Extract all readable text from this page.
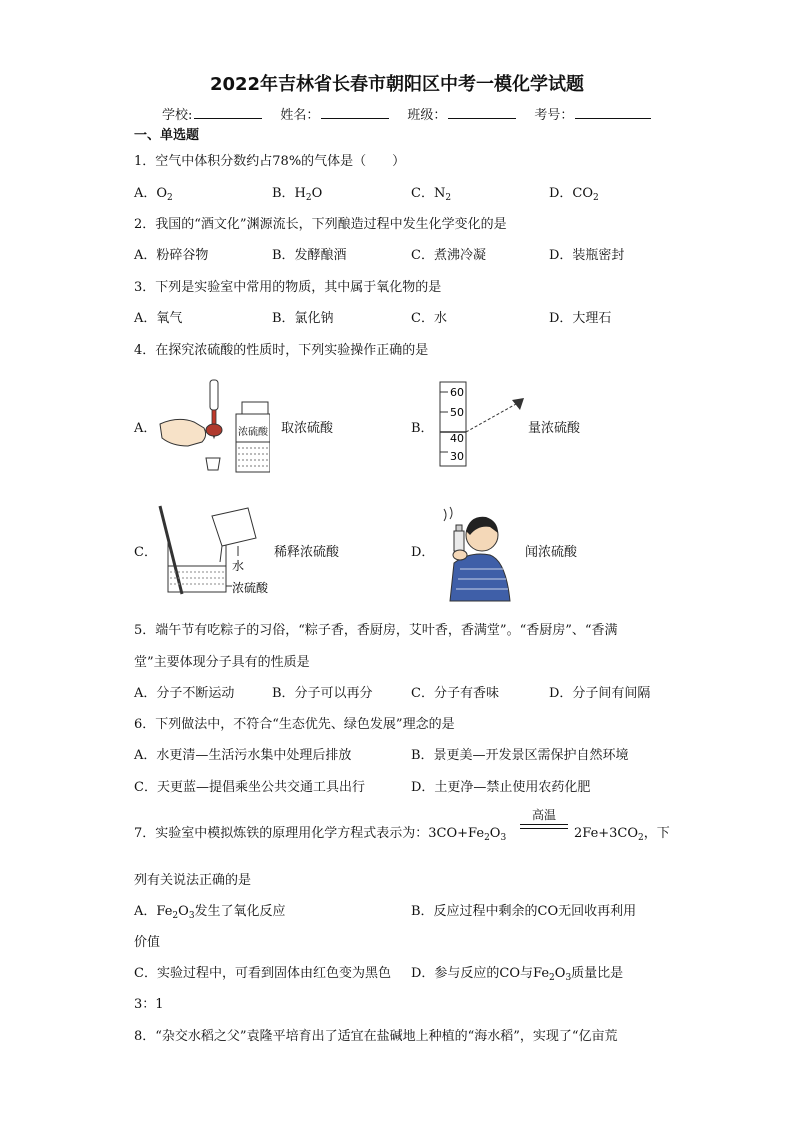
2022年吉林省长春市朝阳区中考一模化学试题
学校:	姓名：	班级：	考号：
一、单选题
1．空气中体积分数约占78%的气体是（　　）
A．$O_2$	B．$H_2O$	C．$N_2$	D．$CO_2$
2．我国的“酒文化”渊源流长，下列酿造过程中发生化学变化的是
A．粉碎谷物	B．发酵酿酒	C．煮沸冷凝	D．装瓶密封
3．下列是实验室中常用的物质，其中属于氧化物的是
A．氧气	B．氯化钠	C．水	D．大理石
4．在探究浓硫酸的性质时，下列实验操作正确的是
A．	浓硫酸 取浓硫酸	B．
60
50
40
30
量浓硫酸
C．
水
浓硫酸
稀释浓硫酸	D．	闻浓硫酸
5．端午节有吃粽子的习俗，“粽子香，香厨房，艾叶香，香满堂”。“香厨房”、“香满
堂”主要体现分子具有的性质是
A．分子不断运动	B．分子可以再分	C．分子有香味	D．分子间有间隔
6．下列做法中，不符合“生态优先、绿色发展”理念的是
A．水更清—生活污水集中处理后排放	B．景更美—开发景区需保护自然环境
C．天更蓝—提倡乘坐公共交通工具出行	D．土更净—禁止使用农药化肥
7．实验室中模拟炼铁的原理用化学方程式表示为：$3CO+Fe_2O_3$
高温
$2Fe+3CO_2$，下
列有关说法正确的是
A．$Fe_2O_3$发生了氧化反应	B．反应过程中剩余的CO无回收再利用
价值
C．实验过程中，可看到固体由红色变为黑色 D．参与反应的CO与$Fe_2O_3$质量比是
3：1
8．“杂交水稻之父”袁隆平培育出了适宜在盐碱地上种植的“海水稻”，实现了“亿亩荒
